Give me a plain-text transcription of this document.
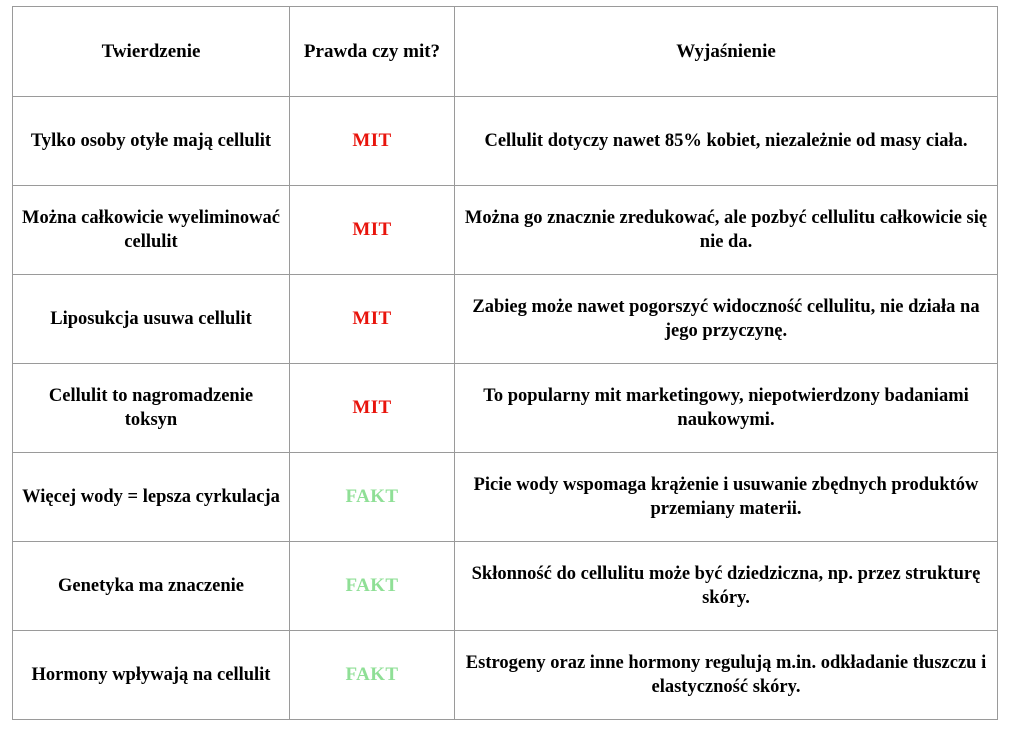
Twierdzenie	Prawda czy mit?	Wyjaśnienie
Tylko osoby otyłe mają cellulit	MIT	Cellulit dotyczy nawet 85% kobiet, niezależnie od masy ciała.
Można całkowicie wyeliminować cellulit	MIT	Można go znacznie zredukować, ale pozbyć cellulitu całkowicie się nie da.
Liposukcja usuwa cellulit	MIT	Zabieg może nawet pogorszyć widoczność cellulitu, nie działa na jego przyczynę.
Cellulit to nagromadzenie toksyn	MIT	To popularny mit marketingowy, niepotwierdzony badaniami naukowymi.
Więcej wody = lepsza cyrkulacja	FAKT	Picie wody wspomaga krążenie i usuwanie zbędnych produktów przemiany materii.
Genetyka ma znaczenie	FAKT	Skłonność do cellulitu może być dziedziczna, np. przez strukturę skóry.
Hormony wpływają na cellulit	FAKT	Estrogeny oraz inne hormony regulują m.in. odkładanie tłuszczu i elastyczność skóry.
